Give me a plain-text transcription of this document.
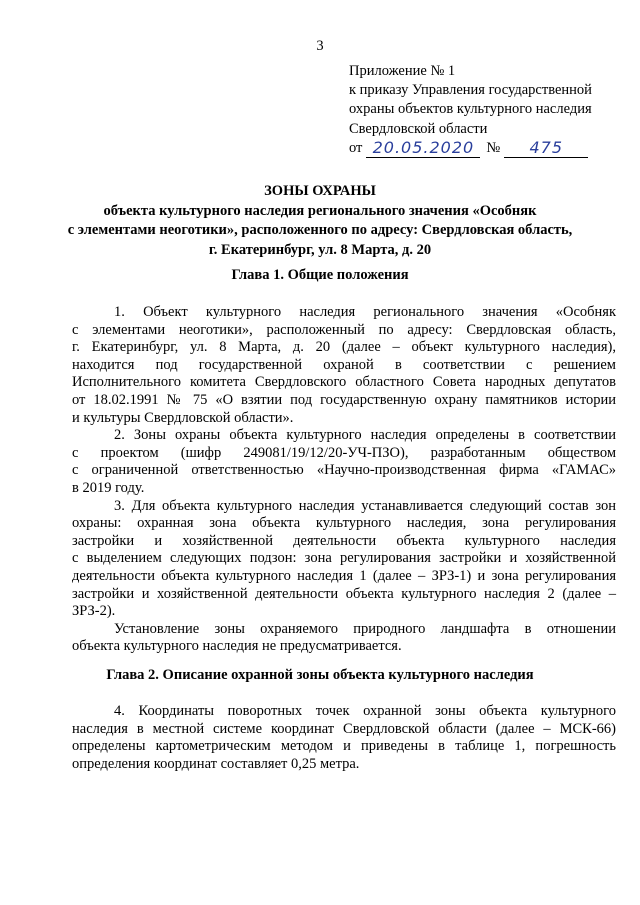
3
Приложение № 1
к приказу Управления государственной
охраны объектов культурного наследия
Свердловской области
от 20.05.2020 №	475
ЗОНЫ ОХРАНЫ
объекта культурного наследия регионального значения «Особняк
с элементами неоготики», расположенного по адресу: Свердловская область,
г. Екатеринбург, ул. 8 Марта, д. 20
Глава 1. Общие положения

1. Объект культурного наследия регионального значения «Особняк

с элементами неоготики», расположенный по адресу: Свердловская область,
г. Екатеринбург, ул. 8 Марта, д. 20 (далее – объект культурного наследия),
находится под государственной охраной в соответствии с решением
Исполнительного комитета Свердловского областного Совета народных депутатов
от 18.02.1991 № 75 «О взятии под государственную охрану памятников истории
и культуры Свердловской области».

2. Зоны охраны объекта культурного наследия определены в соответствии

с проектом (шифр 249081/19/12/20-УЧ-ПЗО), разработанным обществом
с ограниченной ответственностью «Научно-производственная фирма «ГАМАС»
в 2019 году.

3. Для объекта культурного наследия устанавливается следующий состав зон

охраны: охранная зона объекта культурного наследия, зона регулирования
застройки и хозяйственной деятельности объекта культурного наследия
с выделением следующих подзон: зона регулирования застройки и хозяйственной
деятельности объекта культурного наследия 1 (далее – ЗРЗ-1) и зона регулирования
застройки и хозяйственной деятельности объекта культурного наследия 2 (далее –
ЗРЗ-2).

Установление зоны охраняемого природного ландшафта в отношении

объекта культурного наследия не предусматривается.
Глава 2. Описание охранной зоны объекта культурного наследия

4. Координаты поворотных точек охранной зоны объекта культурного

наследия в местной системе координат Свердловской области (далее – МСК-66)
определены картометрическим методом и приведены в таблице 1, погрешность
определения координат составляет 0,25 метра.
